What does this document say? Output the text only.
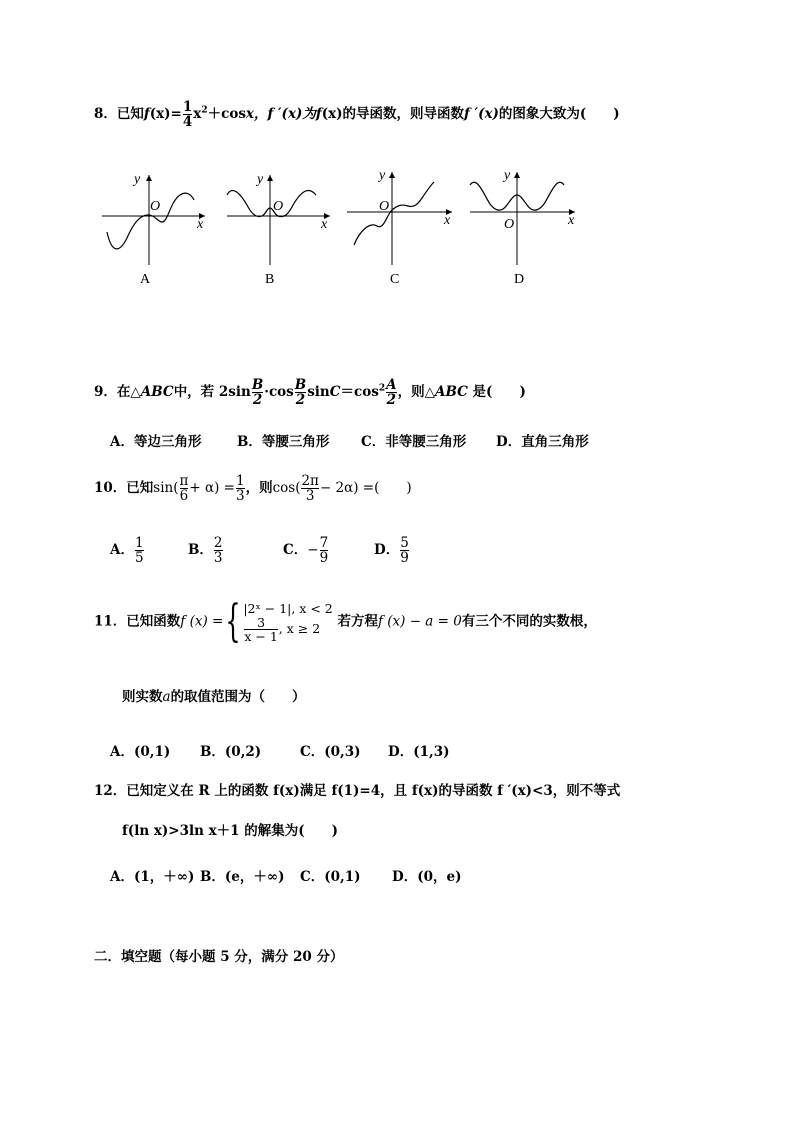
8．已知$f(x)= \frac{1}{4} x^2+\cos x$，f ′(x)为f(x)的导函数，则导函数f ′(x)的图象大致为(　　)
y
x
O
A
y
x
O
B
y
x
O
C
y
x
O
D
9．在△ABC中，若 $2\sin \frac{B}{2} \cdot\cos \frac{B}{2} \sin C=\cos^2 \frac{A}{2}$ ，则△ABC 是(　　)
A．等边三角形	B．等腰三角形 C．非等腰三角形 D．直角三角形
10．已知$\sin( \frac{\pi}{6} + \alpha) = \frac{1}{3}$ ，则$\cos( \frac{2\pi}{3} - 2\alpha)$ =(　　)
A． $\frac{1}{5}$	B． $\frac{2}{3}$	C．− $\frac{7}{9}$	D． $\frac{5}{9}$
11．已知函数f (x) ={ |2ˣ − 1|, x < 2
$\frac{3}{x - 1}$ , x ≥ 2	若方程f (x) − a = 0有三个不同的实数根，
则实数a的取值范围为（　　）
A．(0,1) B．(0,2)	C．(0,3) D．(1,3)
12．已知定义在 R 上的函数 f(x)满足 f(1)=4，且 f(x)的导函数 f ′(x)<3，则不等式
f(ln x)>3ln x＋1 的解集为(　　)
A．(1，＋∞) B．(e，＋∞) C．(0,1) D．(0，e)
二．填空题（每小题 5 分，满分 20 分）
